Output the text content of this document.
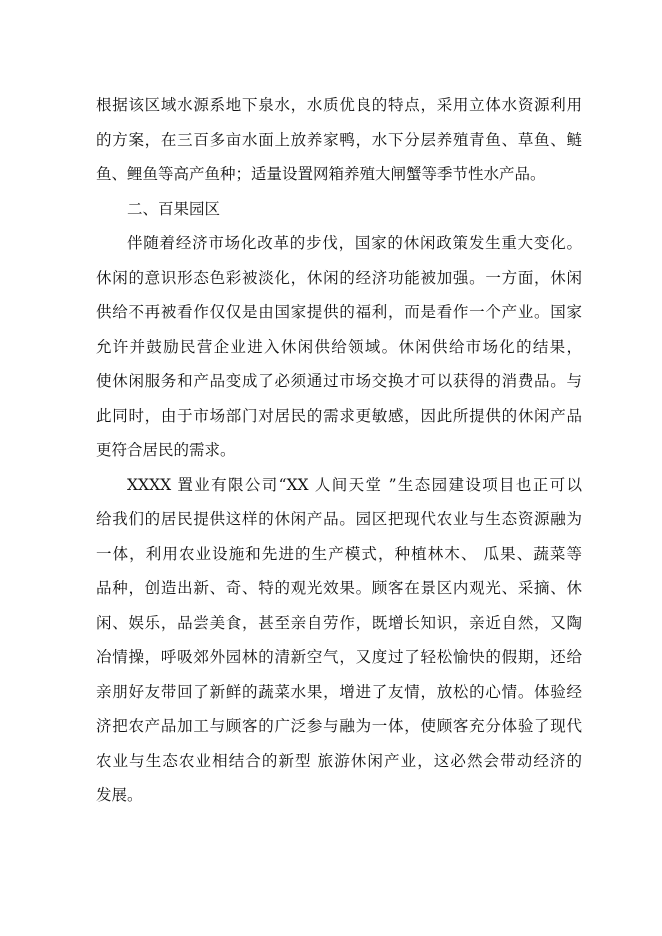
根据该区域水源系地下泉水，水质优良的特点，采用立体水资源利用
的方案，在三百多亩水面上放养家鸭，水下分层养殖青鱼、草鱼、鲢
鱼、鲤鱼等高产鱼种；适量设置网箱养殖大闸蟹等季节性水产品。
二、百果园区
伴随着经济市场化改革的步伐，国家的休闲政策发生重大变化。
休闲的意识形态色彩被淡化，休闲的经济功能被加强。一方面，休闲
供给不再被看作仅仅是由国家提供的福利，而是看作一个产业。国家
允许并鼓励民营企业进入休闲供给领域。休闲供给市场化的结果，
使休闲服务和产品变成了必须通过市场交换才可以获得的消费品。与
此同时，由于市场部门对居民的需求更敏感，因此所提供的休闲产品
更符合居民的需求。
XXXX 置业有限公司“XX 人间天堂 ”生态园建设项目也正可以
给我们的居民提供这样的休闲产品。园区把现代农业与生态资源融为
一体，利用农业设施和先进的生产模式，种植林木、 瓜果、蔬菜等
品种，创造出新、奇、特的观光效果。顾客在景区内观光、采摘、休
闲、娱乐，品尝美食，甚至亲自劳作，既增长知识，亲近自然，又陶
冶情操，呼吸郊外园林的清新空气，又度过了轻松愉快的假期，还给
亲朋好友带回了新鲜的蔬菜水果，增进了友情，放松的心情。体验经
济把农产品加工与顾客的广泛参与融为一体，使顾客充分体验了现代
农业与生态农业相结合的新型 旅游休闲产业，这必然会带动经济的
发展。
